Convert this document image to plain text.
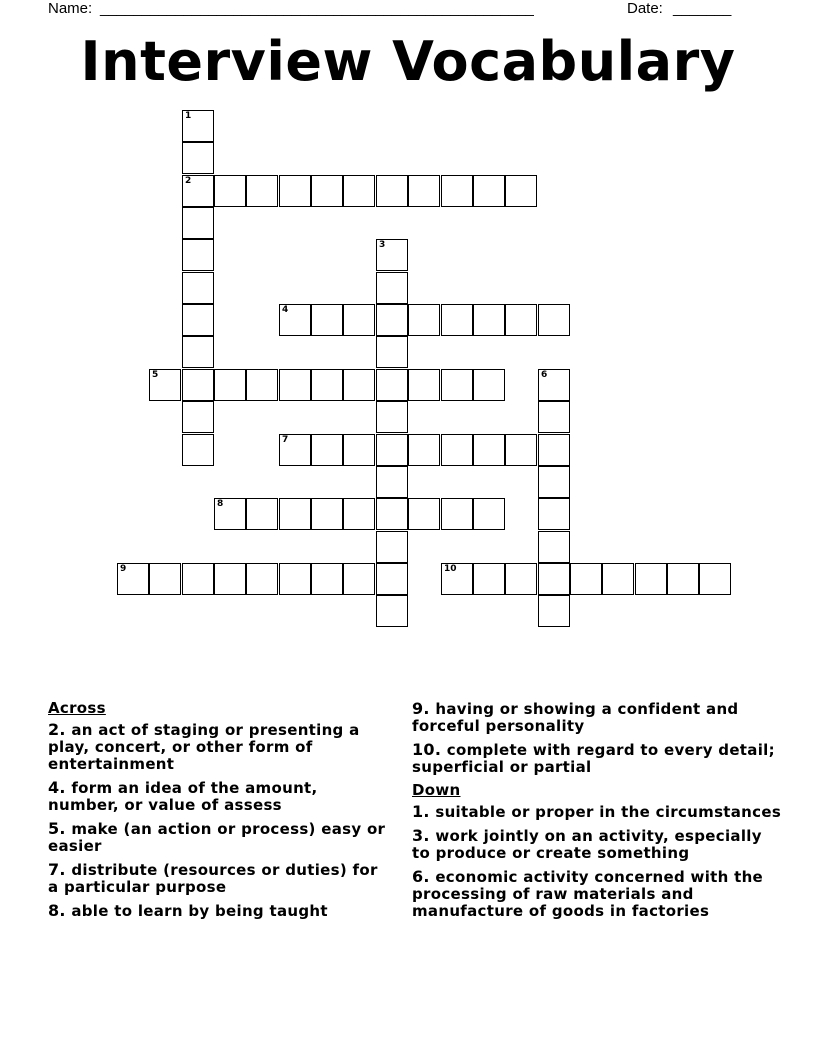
Name: ____________________________________________________	Date: _______
Interview Vocabulary
1
2
3
4
5	6
7
8
9	10
Across
2. an act of staging or presenting a play, concert, or other form of entertainment
4. form an idea of the amount, number, or value of assess
5. make (an action or process) easy or easier
7. distribute (resources or duties) for a particular purpose
8. able to learn by being taught
9. having or showing a confident and forceful personality
10. complete with regard to every detail; superficial or partial
Down
1. suitable or proper in the circumstances
3. work jointly on an activity, especially to produce or create something
6. economic activity concerned with the processing of raw materials and manufacture of goods in factories
